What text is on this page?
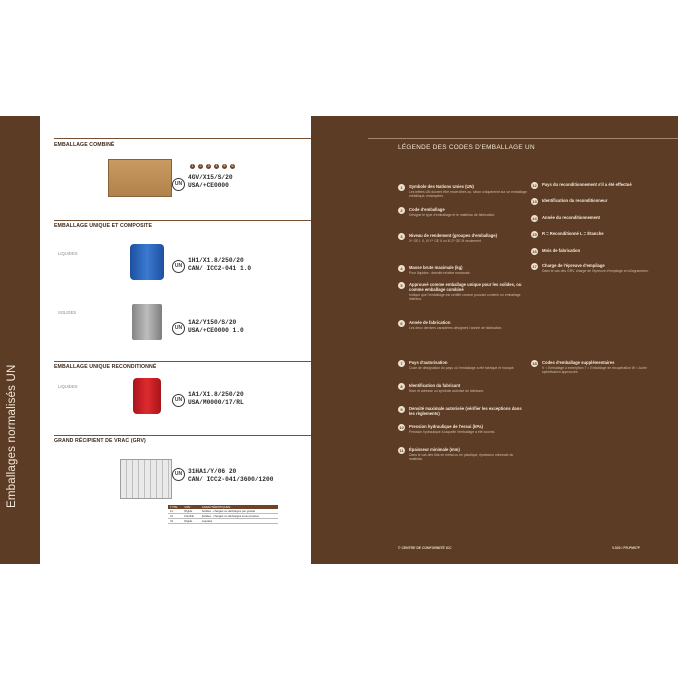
Emballages normalisés UN
EMBALLAGE COMBINÉ
1	2	3	4	5	6
UN
4GV/X15/S/20
USA/+CE0000
EMBALLAGE UNIQUE ET COMPOSITE
LIQUIDES
UN
1H1/X1.8/250/20
CAN/ ICC2-041 1.0
SOLIDES
UN
1A2/Y150/S/20
USA/+CE0000 1.0
EMBALLAGE UNIQUE RECONDITIONNÉ
LIQUIDES
UN
1A1/X1.8/250/20
USA/M0000/17/RL
GRAND RÉCIPIENT DE VRAC (GRV)
UN 31HA1/Y/06 20
CAN/ ICC2-041/3600/1200
TYPE	GRV	CARACTÉRISTIQUES
11	Rigide	Solides - chargés ou déchargés par gravité
21	Flexible	Solides - chargés ou déchargés sous pression
31	Rigide	Liquides
LÉGENDE DES CODES D'EMBALLAGE UN
1	Symbole des Nations Unies (UN)
Les lettres UN doivent être encerclées ou, sinon uniquement sur un emballage métallique, estampées.
2	Code d'emballage
Désigne le type d'emballage et le matériau de fabrication.
3	Niveau de rendement (groupes d'emballage)
X* GE I, II, III Y* GE II ou III Z* GE III seulement
4	Masse brute maximale (kg)
Pour liquides : densité relative maximale.
5	Approuvé comme emballage unique pour les solides, ou comme emballage combiné
Indique que l'emballage est certifié comme pouvant contenir un emballage intérieur.
6	Année de fabrication
Les deux derniers caractères désignent l'année de fabrication.
7	Pays d'autorisation
Code de désignation du pays où l'emballage a été fabriqué et marqué.
8	Identification du fabricant
Nom et adresse ou symbole autorisé du fabricant.
9	Densité maximale autorisée (vérifier les exceptions dans les règlements)
10	Pression hydraulique de l'essai (kPa)
Pression hydraulique à laquelle l'emballage a été soumis.
11	Épaisseur minimale (mm)
Dans le cas des fûts en métal ou en plastique, épaisseur minimale du matériau.
12	Pays du reconditionnement s'il a été effectué
13	Identification du reconditionneur
14	Année du reconditionnement
15	R = Reconditionné L = Étanche
16	Mois de fabrication
17	Charge de l'épreuve d'empilage
Dans le cas des GRV, charge de l'épreuve d'empilage en kilogrammes.
18	Codes d'emballage supplémentaires
V = Emballage à exemption T = Emballage de récupération W = Autre spécification approuvée.
© CENTRE DE CONFORMITÉ ICC	V.023 / FR-PM07F
